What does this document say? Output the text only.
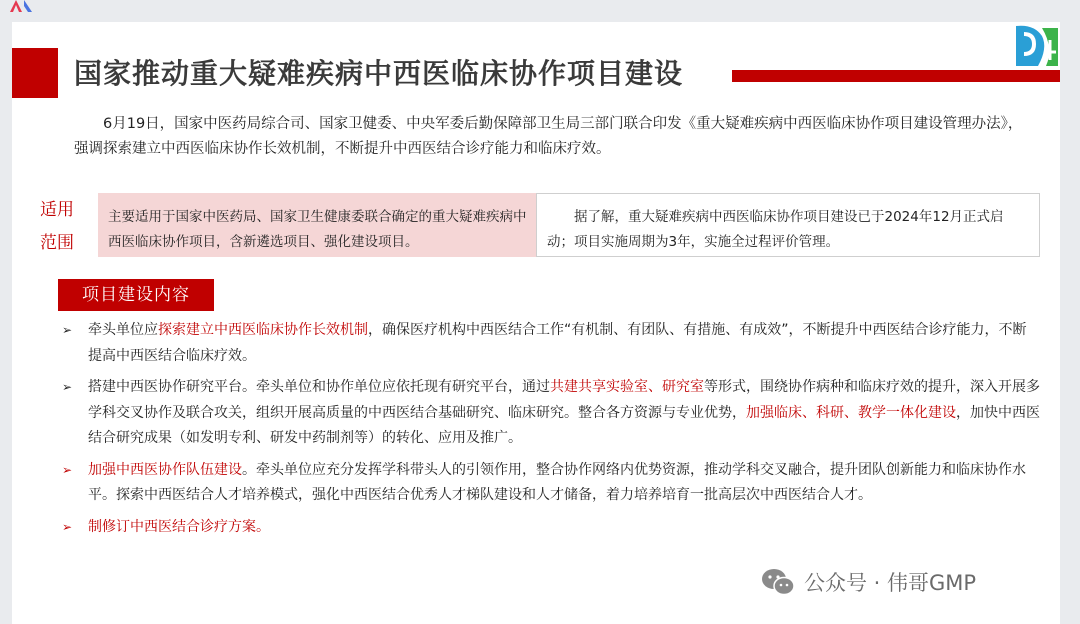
国家推动重大疑难疾病中西医临床协作项目建设
6月19日，国家中医药局综合司、国家卫健委、中央军委后勤保障部卫生局三部门联合印发《重大疑难疾病中西医临床协作项目建设管理办法》，强调探索建立中西医临床协作长效机制，不断提升中西医结合诊疗能力和临床疗效。
适用范围
主要适用于国家中医药局、国家卫生健康委联合确定的重大疑难疾病中西医临床协作项目，含新遴选项目、强化建设项目。
据了解，重大疑难疾病中西医临床协作项目建设已于2024年12月正式启动；项目实施周期为3年，实施全过程评价管理。
项目建设内容
➢ 牵头单位应探索建立中西医临床协作长效机制，确保医疗机构中西医结合工作“有机制、有团队、有措施、有成效”，不断提升中西医结合诊疗能力，不断提高中西医结合临床疗效。
➢ 搭建中西医协作研究平台。牵头单位和协作单位应依托现有研究平台，通过共建共享实验室、研究室等形式，围绕协作病种和临床疗效的提升，深入开展多学科交叉协作及联合攻关，组织开展高质量的中西医结合基础研究、临床研究。整合各方资源与专业优势，加强临床、科研、教学一体化建设，加快中西医结合研究成果（如发明专利、研发中药制剂等）的转化、应用及推广。
➢ 加强中西医协作队伍建设。牵头单位应充分发挥学科带头人的引领作用，整合协作网络内优势资源，推动学科交叉融合，提升团队创新能力和临床协作水平。探索中西医结合人才培养模式，强化中西医结合优秀人才梯队建设和人才储备，着力培养培育一批高层次中西医结合人才。
➢ 制修订中西医结合诊疗方案。
公众号 · 伟哥GMP
